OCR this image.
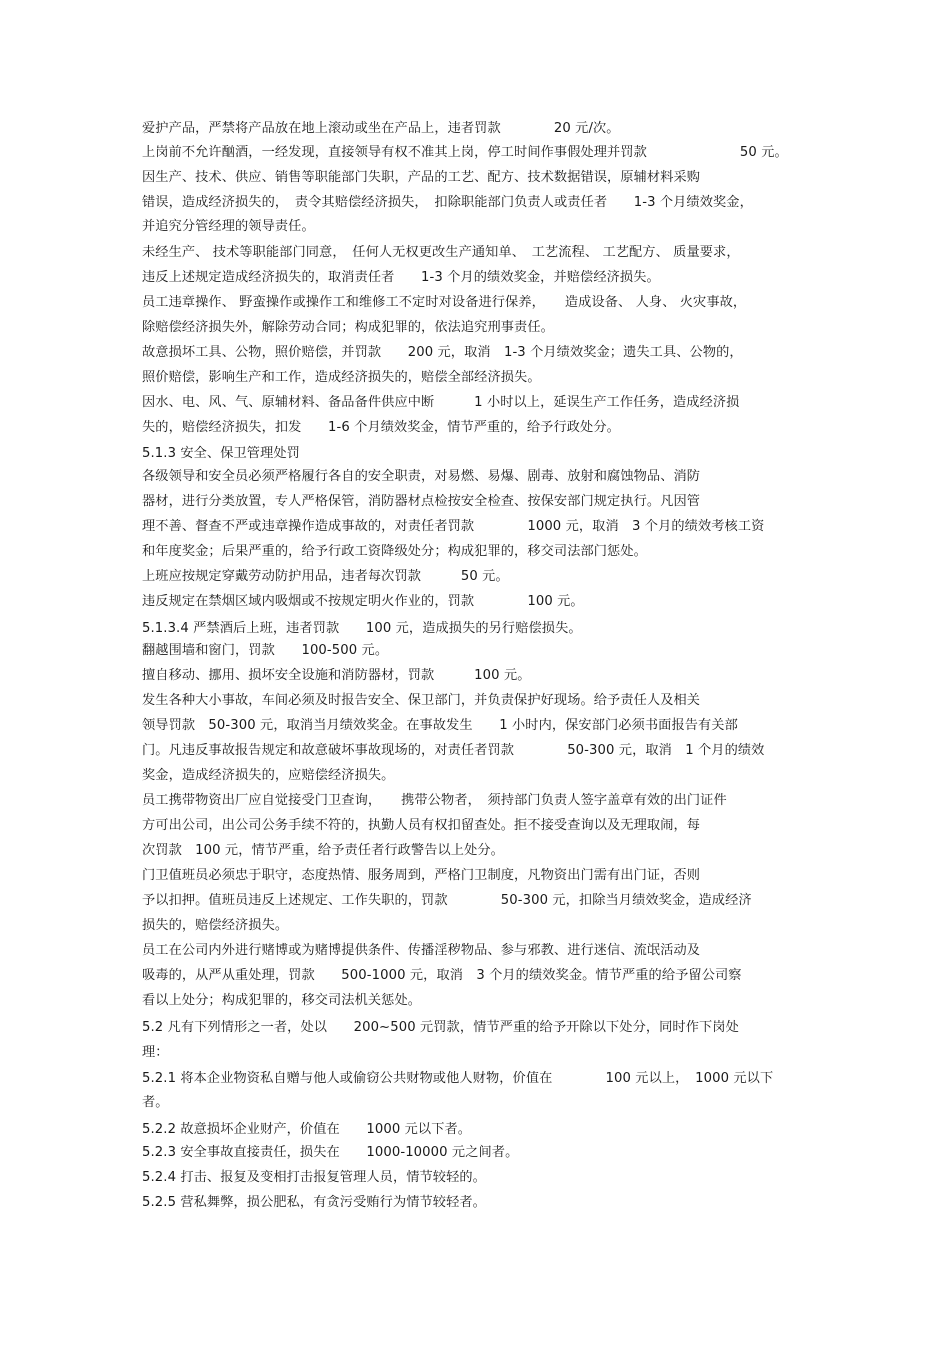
爱护产品，严禁将产品放在地上滚动或坐在产品上，违者罚款　　　　20 元/次。
上岗前不允许酗酒，一经发现，直接领导有权不准其上岗，停工时间作事假处理并罚款　　　　　　　50 元。
因生产、技术、供应、销售等职能部门失职，产品的工艺、配方、技术数据错误，原辅材料采购
错误，造成经济损失的，　责令其赔偿经济损失，　扣除职能部门负责人或责任者　　1-3 个月绩效奖金，
并追究分管经理的领导责任。
未经生产、 技术等职能部门同意，　任何人无权更改生产通知单、　工艺流程、 工艺配方、 质量要求，
违反上述规定造成经济损失的，取消责任者　　1-3 个月的绩效奖金，并赔偿经济损失。
员工违章操作、 野蛮操作或操作工和维修工不定时对设备进行保养，　　造成设备、 人身、 火灾事故，
除赔偿经济损失外，解除劳动合同；构成犯罪的，依法追究刑事责任。
故意损坏工具、公物，照价赔偿，并罚款　　200 元，取消　1-3 个月绩效奖金；遗失工具、公物的，
照价赔偿，影响生产和工作，造成经济损失的，赔偿全部经济损失。
因水、电、风、气、原辅材料、备品备件供应中断　　　1 小时以上，延误生产工作任务，造成经济损
失的，赔偿经济损失，扣发　　1-6 个月绩效奖金，情节严重的，给予行政处分。
5.1.3 安全、保卫管理处罚
各级领导和安全员必须严格履行各自的安全职责，对易燃、易爆、剧毒、放射和腐蚀物品、消防
器材，进行分类放置，专人严格保管，消防器材点检按安全检查、按保安部门规定执行。凡因管
理不善、督查不严或违章操作造成事故的，对责任者罚款　　　　1000 元，取消　3 个月的绩效考核工资
和年度奖金；后果严重的，给予行政工资降级处分；构成犯罪的，移交司法部门惩处。
上班应按规定穿戴劳动防护用品，违者每次罚款　　　50 元。
违反规定在禁烟区域内吸烟或不按规定明火作业的，罚款　　　　100 元。
5.1.3.4 严禁酒后上班，违者罚款　　100 元，造成损失的另行赔偿损失。
翻越围墙和窗门，罚款　　100-500 元。
擅自移动、挪用、损坏安全设施和消防器材，罚款　　　100 元。
发生各种大小事故，车间必须及时报告安全、保卫部门，并负责保护好现场。给予责任人及相关
领导罚款　50-300 元，取消当月绩效奖金。在事故发生　　1 小时内，保安部门必须书面报告有关部
门。凡违反事故报告规定和故意破坏事故现场的，对责任者罚款　　　　50-300 元，取消　1 个月的绩效
奖金，造成经济损失的，应赔偿经济损失。
员工携带物资出厂应自觉接受门卫查询，　　携带公物者，　须持部门负责人签字盖章有效的出门证件
方可出公司，出公司公务手续不符的，执勤人员有权扣留查处。拒不接受查询以及无理取闹，每
次罚款　100 元，情节严重，给予责任者行政警告以上处分。
门卫值班员必须忠于职守，态度热情、服务周到，严格门卫制度，凡物资出门需有出门证，否则
予以扣押。值班员违反上述规定、工作失职的，罚款　　　　50-300 元，扣除当月绩效奖金，造成经济
损失的，赔偿经济损失。
员工在公司内外进行赌博或为赌博提供条件、传播淫秽物品、参与邪教、进行迷信、流氓活动及
吸毒的，从严从重处理，罚款　　500-1000 元，取消　3 个月的绩效奖金。情节严重的给予留公司察
看以上处分；构成犯罪的，移交司法机关惩处。
5.2 凡有下列情形之一者，处以　　200~500 元罚款，情节严重的给予开除以下处分，同时作下岗处
理：
5.2.1 将本企业物资私自赠与他人或偷窃公共财物或他人财物，价值在　　　　100 元以上，　1000 元以下
者。
5.2.2 故意损坏企业财产，价值在　　1000 元以下者。
5.2.3 安全事故直接责任，损失在　　1000-10000 元之间者。
5.2.4 打击、报复及变相打击报复管理人员，情节较轻的。
5.2.5 营私舞弊，损公肥私，有贪污受贿行为情节较轻者。
